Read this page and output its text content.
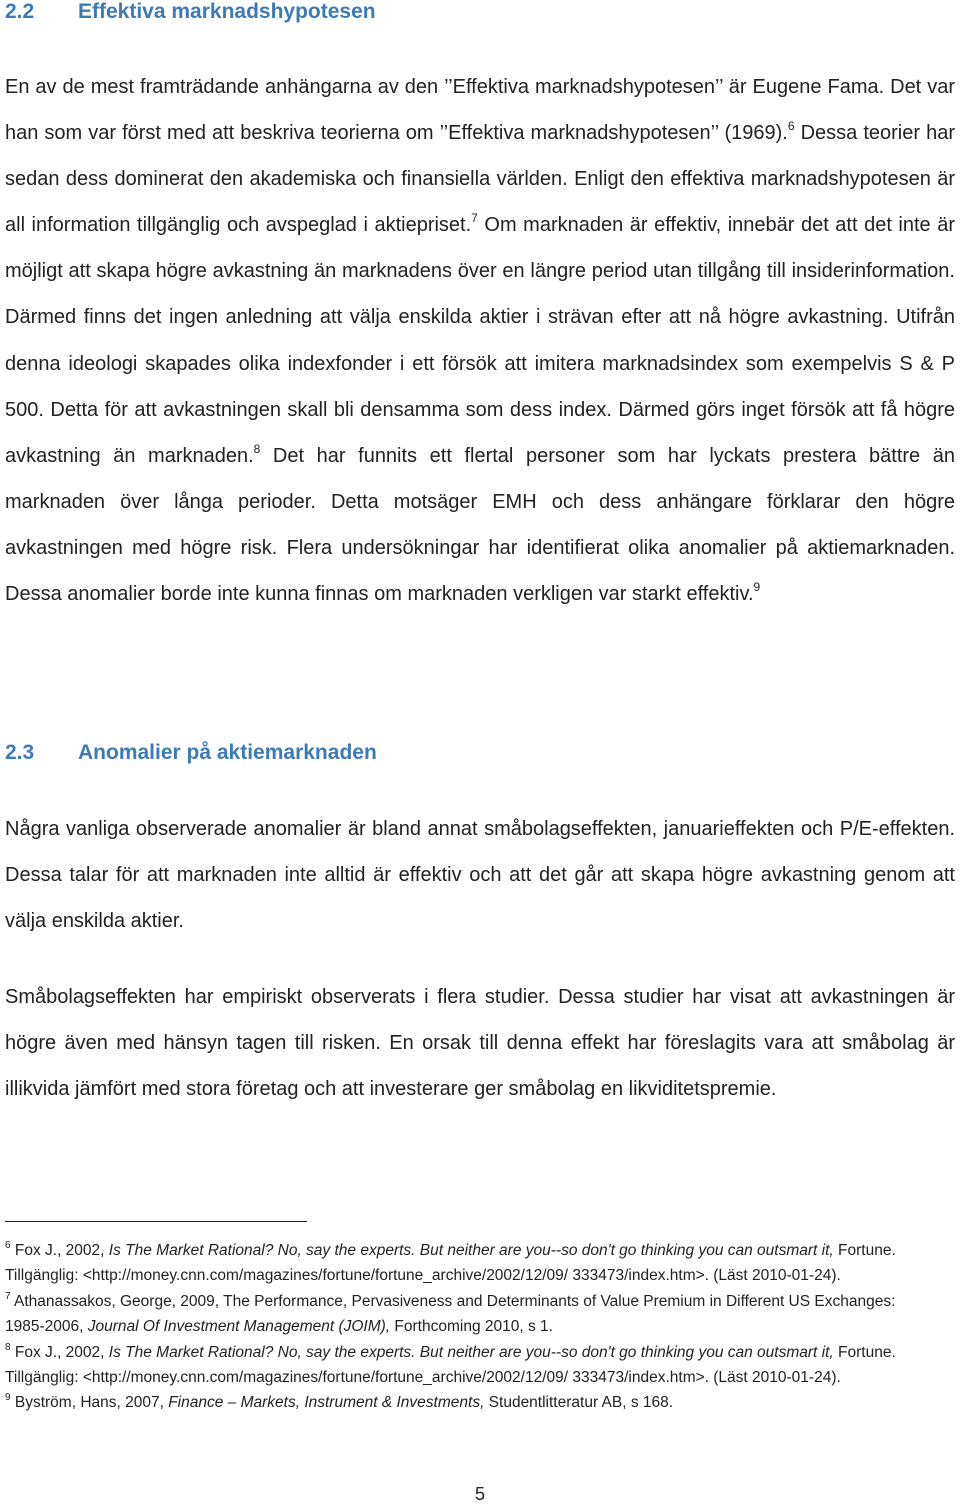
2.2 Effektiva marknadshypotesen

En av de mest framträdande anhängarna av den ’’Effektiva marknadshypotesen’’ är Eugene Fama. Det var han som var först med att beskriva teorierna om ’’Effektiva marknadshypotesen’’ (1969).$^6$ Dessa teorier har sedan dess dominerat den akademiska och finansiella världen. Enligt den effektiva marknadshypotesen är all information tillgänglig och avspeglad i aktiepriset.$^7$ Om marknaden är effektiv, innebär det att det inte är möjligt att skapa högre avkastning än marknadens över en längre period utan tillgång till insiderinformation. Därmed finns det ingen anledning att välja enskilda aktier i strävan efter att nå högre avkastning. Utifrån denna ideologi skapades olika indexfonder i ett försök att imitera marknadsindex som exempelvis S & P 500. Detta för att avkastningen skall bli densamma som dess index. Därmed görs inget försök att få högre avkastning än marknaden.$^8$ Det har funnits ett flertal personer som har lyckats prestera bättre än marknaden över långa perioder. Detta motsäger EMH och dess anhängare förklarar den högre avkastningen med högre risk. Flera undersökningar har identifierat olika anomalier på aktiemarknaden. Dessa anomalier borde inte kunna finnas om marknaden verkligen var starkt effektiv.$^9$

2.3 Anomalier på aktiemarknaden

Några vanliga observerade anomalier är bland annat småbolagseffekten, januarieffekten och P/E-effekten. Dessa talar för att marknaden inte alltid är effektiv och att det går att skapa högre avkastning genom att välja enskilda aktier.

Småbolagseffekten har empiriskt observerats i flera studier. Dessa studier har visat att avkastningen är högre även med hänsyn tagen till risken. En orsak till denna effekt har föreslagits vara att småbolag är illikvida jämfört med stora företag och att investerare ger småbolag en likviditetspremie.

$^6$ Fox J., 2002, Is The Market Rational? No, say the experts. But neither are you--so don't go thinking you can outsmart it, Fortune. Tillgänglig: <http://money.cnn.com/magazines/fortune/fortune_archive/2002/12/09/ 333473/index.htm>. (Läst 2010-01-24).

$^7$ Athanassakos, George, 2009, The Performance, Pervasiveness and Determinants of Value Premium in Different US Exchanges: 1985-2006, Journal Of Investment Management (JOIM), Forthcoming 2010, s 1.

$^8$ Fox J., 2002, Is The Market Rational? No, say the experts. But neither are you--so don't go thinking you can outsmart it, Fortune. Tillgänglig: <http://money.cnn.com/magazines/fortune/fortune_archive/2002/12/09/ 333473/index.htm>. (Läst 2010-01-24).

$^9$ Byström, Hans, 2007, Finance – Markets, Instrument & Investments, Studentlitteratur AB, s 168.

5
